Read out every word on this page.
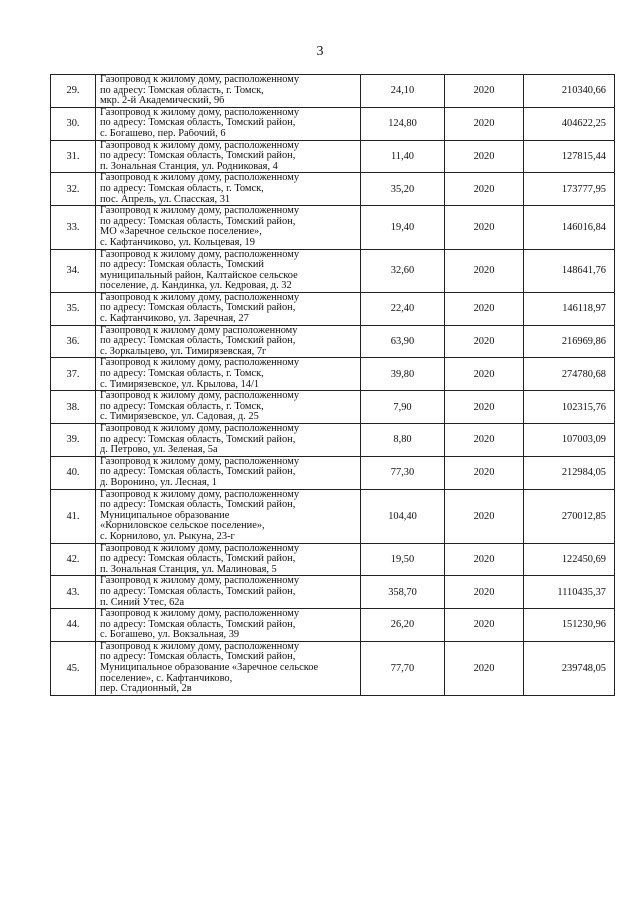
3
29.	Газопровод к жилому дому, расположенному
по адресу: Томская область, г. Томск,
мкр. 2-й Академический, 9б	24,10	2020	210340,66
30.	Газопровод к жилому дому, расположенному
по адресу: Томская область, Томский район,
с. Богашево, пер. Рабочий, 6	124,80	2020	404622,25
31.	Газопровод к жилому дому, расположенному
по адресу: Томская область, Томский район,
п. Зональная Станция, ул. Родниковая, 4	11,40	2020	127815,44
32.	Газопровод к жилому дому, расположенному
по адресу: Томская область, г. Томск,
пос. Апрель, ул. Спасская, 31	35,20	2020	173777,95
33.	Газопровод к жилому дому, расположенному
по адресу: Томская область, Томский район,
МО «Заречное сельское поселение»,
с. Кафтанчиково, ул. Кольцевая, 19	19,40	2020	146016,84
34.	Газопровод к жилому дому, расположенному
по адресу: Томская область, Томский
муниципальный район, Калтайское сельское
поселение, д. Кандинка, ул. Кедровая, д. 32	32,60	2020	148641,76
35.	Газопровод к жилому дому, расположенному
по адресу: Томская область, Томский район,
с. Кафтанчиково, ул. Заречная, 27	22,40	2020	146118,97
36.	Газопровод к жилому дому расположенному
по адресу: Томская область, Томский район,
с. Зоркальцево, ул. Тимирязевская, 7г	63,90	2020	216969,86
37.	Газопровод к жилому дому, расположенному
по адресу: Томская область, г. Томск,
с. Тимирязевское, ул. Крылова, 14/1	39,80	2020	274780,68
38.	Газопровод к жилому дому, расположенному
по адресу: Томская область, г. Томск,
с. Тимирязевское, ул. Садовая, д. 25	7,90	2020	102315,76
39.	Газопровод к жилому дому, расположенному
по адресу: Томская область, Томский район,
д. Петрово, ул. Зеленая, 5а	8,80	2020	107003,09
40.	Газопровод к жилому дому, расположенному
по адресу: Томская область, Томский район,
д. Воронино, ул. Лесная, 1	77,30	2020	212984,05
41.	Газопровод к жилому дому, расположенному
по адресу: Томская область, Томский район,
Муниципальное образование
«Корниловское сельское поселение»,
с. Корнилово, ул. Рыкуна, 23-г	104,40	2020	270012,85
42.	Газопровод к жилому дому, расположенному
по адресу: Томская область, Томский район,
п. Зональная Станция, ул. Малиновая, 5	19,50	2020	122450,69
43.	Газопровод к жилому дому, расположенному
по адресу: Томская область, Томский район,
п. Синий Утес, 62а	358,70	2020	1110435,37
44.	Газопровод к жилому дому, расположенному
по адресу: Томская область, Томский район,
с. Богашево, ул. Вокзальная, 39	26,20	2020	151230,96
45.	Газопровод к жилому дому, расположенному
по адресу: Томская область, Томский район,
Муниципальное образование «Заречное сельское
поселение», с. Кафтанчиково,
пер. Стадионный, 2в	77,70	2020	239748,05
